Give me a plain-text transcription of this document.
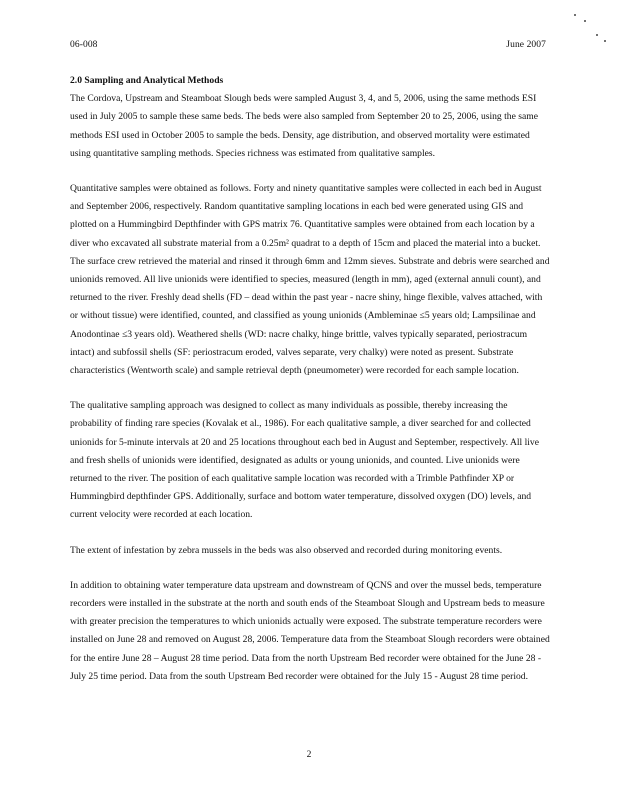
06-008	June 2007
2.0 Sampling and Analytical Methods

The Cordova, Upstream and Steamboat Slough beds were sampled August 3, 4, and 5, 2006, using the same methods ESI used in July 2005 to sample these same beds. The beds were also sampled from September 20 to 25, 2006, using the same methods ESI used in October 2005 to sample the beds. Density, age distribution, and observed mortality were estimated using quantitative sampling methods. Species richness was estimated from qualitative samples.

Quantitative samples were obtained as follows. Forty and ninety quantitative samples were collected in each bed in August and September 2006, respectively. Random quantitative sampling locations in each bed were generated using GIS and plotted on a Hummingbird Depthfinder with GPS matrix 76. Quantitative samples were obtained from each location by a diver who excavated all substrate material from a 0.25m² quadrat to a depth of 15cm and placed the material into a bucket. The surface crew retrieved the material and rinsed it through 6mm and 12mm sieves. Substrate and debris were searched and unionids removed. All live unionids were identified to species, measured (length in mm), aged (external annuli count), and returned to the river. Freshly dead shells (FD – dead within the past year - nacre shiny, hinge flexible, valves attached, with or without tissue) were identified, counted, and classified as young unionids (Ambleminae ≤5 years old; Lampsilinae and Anodontinae ≤3 years old). Weathered shells (WD: nacre chalky, hinge brittle, valves typically separated, periostracum intact) and subfossil shells (SF: periostracum eroded, valves separate, very chalky) were noted as present. Substrate characteristics (Wentworth scale) and sample retrieval depth (pneumometer) were recorded for each sample location.

The qualitative sampling approach was designed to collect as many individuals as possible, thereby increasing the probability of finding rare species (Kovalak et al., 1986). For each qualitative sample, a diver searched for and collected unionids for 5-minute intervals at 20 and 25 locations throughout each bed in August and September, respectively. All live and fresh shells of unionids were identified, designated as adults or young unionids, and counted. Live unionids were returned to the river. The position of each qualitative sample location was recorded with a Trimble Pathfinder XP or Hummingbird depthfinder GPS. Additionally, surface and bottom water temperature, dissolved oxygen (DO) levels, and current velocity were recorded at each location.

The extent of infestation by zebra mussels in the beds was also observed and recorded during monitoring events.

In addition to obtaining water temperature data upstream and downstream of QCNS and over the mussel beds, temperature recorders were installed in the substrate at the north and south ends of the Steamboat Slough and Upstream beds to measure with greater precision the temperatures to which unionids actually were exposed. The substrate temperature recorders were installed on June 28 and removed on August 28, 2006. Temperature data from the Steamboat Slough recorders were obtained for the entire June 28 – August 28 time period. Data from the north Upstream Bed recorder were obtained for the June 28 - July 25 time period. Data from the south Upstream Bed recorder were obtained for the July 15 - August 28 time period.

2
